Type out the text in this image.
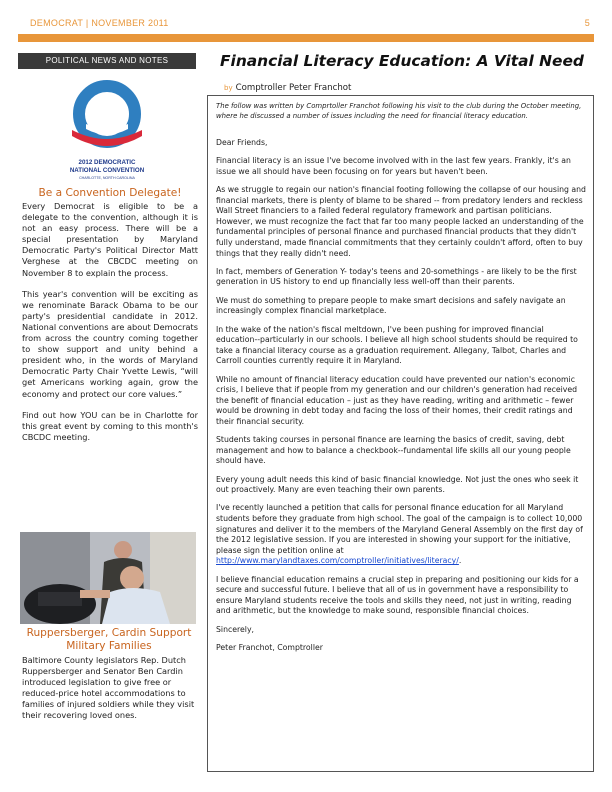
DEMOCRAT | NOVEMBER 2011	5
POLITICAL NEWS AND NOTES
2012 DEMOCRATIC
NATIONAL CONVENTION
CHARLOTTE, NORTH CAROLINA
Be a Convention Delegate!

Every Democrat is eligible to be a delegate to the convention, although it is not an easy process. There will be a special presentation by Maryland Democratic Party's Political Director Matt Verghese at the CBCDC meeting on November 8 to explain the process.

This year's convention will be exciting as we renominate Barack Obama to be our party's presidential candidate in 2012. National conventions are about Democrats from across the country coming together to show support and unity behind a president who, in the words of Maryland Democratic Party Chair Yvette Lewis, “will get Americans working again, grow the economy and protect our core values.”

Find out how YOU can be in Charlotte for this great event by coming to this month's CBCDC meeting.

Ruppersberger, Cardin Support
Military Families
Baltimore County legislators Rep. Dutch Ruppersberger and Senator Ben Cardin introduced legislation to give free or reduced-price hotel accommodations to families of injured soldiers while they visit their recovering loved ones.
Financial Literacy Education: A Vital Need
by Comptroller Peter Franchot
The follow was written by Comprtoller Franchot following his visit to the club during the October meeting, where he discussed a number of issues including the need for financial literacy education.

Dear Friends,

Financial literacy is an issue I've become involved with in the last few years. Frankly, it's an issue we all should have been focusing on for years but haven't been.

As we struggle to regain our nation's financial footing following the collapse of our housing and financial markets, there is plenty of blame to be shared -- from predatory lenders and reckless Wall Street financiers to a failed federal regulatory framework and partisan politicians. However, we must recognize the fact that far too many people lacked an understanding of the fundamental principles of personal finance and purchased financial products that they didn't fully understand, made financial commitments that they certainly couldn't afford, often to buy things that they really didn't need.

In fact, members of Generation Y- today's teens and 20-somethings - are likely to be the first generation in US history to end up financially less well-off than their parents.

We must do something to prepare people to make smart decisions and safely navigate an increasingly complex financial marketplace.

In the wake of the nation's fiscal meltdown, I've been pushing for improved financial education--particularly in our schools. I believe all high school students should be required to take a financial literacy course as a graduation requirement. Allegany, Talbot, Charles and Carroll counties currently require it in Maryland.

While no amount of financial literacy education could have prevented our nation's economic crisis, I believe that if people from my generation and our children's generation had received the benefit of financial education – just as they have reading, writing and arithmetic – fewer would be drowning in debt today and facing the loss of their homes, their credit ratings and their financial security.

Students taking courses in personal finance are learning the basics of credit, saving, debt management and how to balance a checkbook--fundamental life skills all our young people should have.

Every young adult needs this kind of basic financial knowledge. Not just the ones who seek it out proactively. Many are even teaching their own parents.

I've recently launched a petition that calls for personal finance education for all Maryland students before they graduate from high school. The goal of the campaign is to collect 10,000 signatures and deliver it to the members of the Maryland General Assembly on the first day of the 2012 legislative session. If you are interested in showing your support for the initiative, please sign the petition online at http://www.marylandtaxes.com/comptroller/initiatives/literacy/.

I believe financial education remains a crucial step in preparing and positioning our kids for a secure and successful future. I believe that all of us in government have a responsibility to ensure Maryland students receive the tools and skills they need, not just in writing, reading and arithmetic, but the knowledge to make sound, responsible financial choices.

Sincerely,

Peter Franchot, Comptroller
